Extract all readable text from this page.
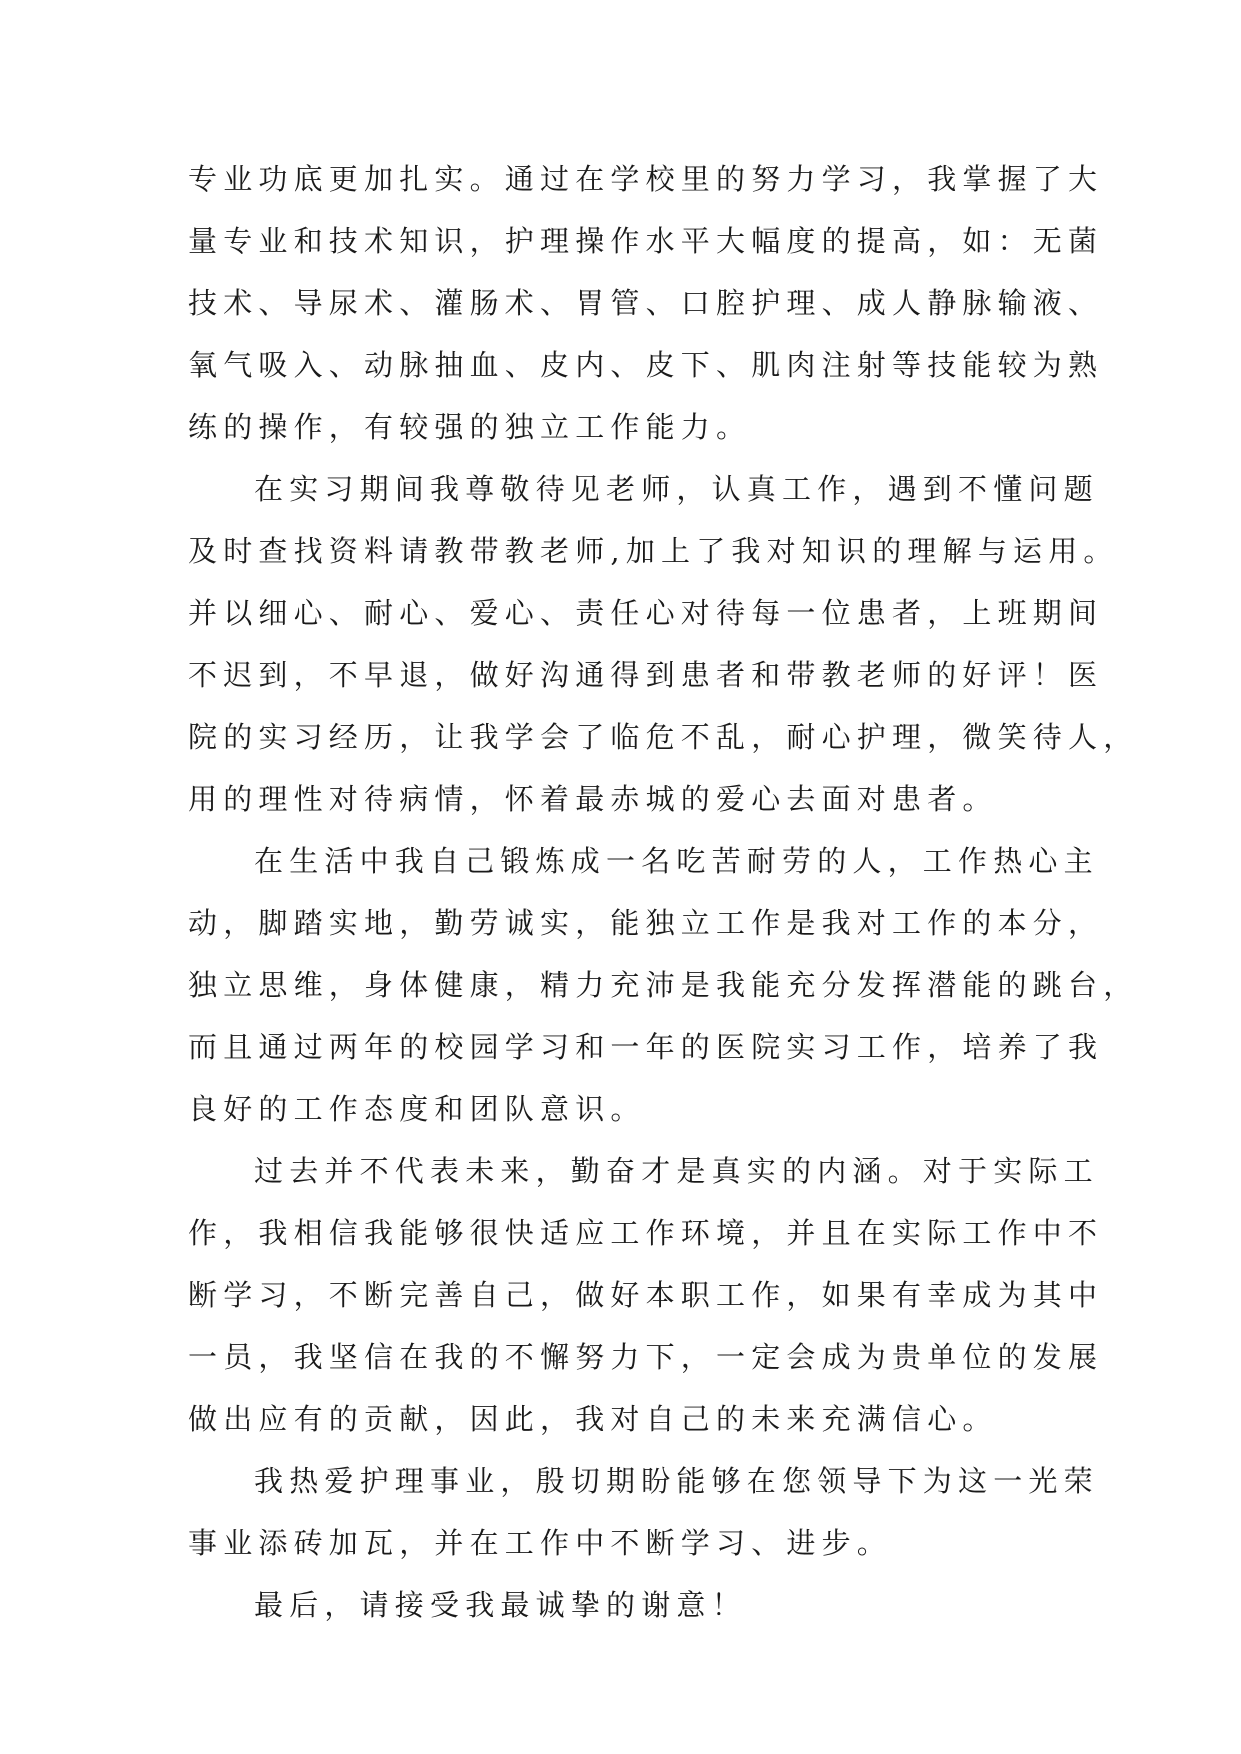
专业功底更加扎实。通过在学校里的努力学习，我掌握了大
量专业和技术知识，护理操作水平大幅度的提高，如：无菌
技术、导尿术、灌肠术、胃管、口腔护理、成人静脉输液、
氧气吸入、动脉抽血、皮内、皮下、肌肉注射等技能较为熟
练的操作，有较强的独立工作能力。
在实习期间我尊敬待见老师，认真工作，遇到不懂问题
及时查找资料请教带教老师,加上了我对知识的理解与运用。
并以细心、耐心、爱心、责任心对待每一位患者，上班期间
不迟到，不早退，做好沟通得到患者和带教老师的好评！医
院的实习经历，让我学会了临危不乱，耐心护理，微笑待人，
用的理性对待病情，怀着最赤城的爱心去面对患者。
在生活中我自己锻炼成一名吃苦耐劳的人，工作热心主
动，脚踏实地，勤劳诚实，能独立工作是我对工作的本分，
独立思维，身体健康，精力充沛是我能充分发挥潜能的跳台，
而且通过两年的校园学习和一年的医院实习工作，培养了我
良好的工作态度和团队意识。
过去并不代表未来，勤奋才是真实的内涵。对于实际工
作，我相信我能够很快适应工作环境，并且在实际工作中不
断学习，不断完善自己，做好本职工作，如果有幸成为其中
一员，我坚信在我的不懈努力下，一定会成为贵单位的发展
做出应有的贡献，因此，我对自己的未来充满信心。
我热爱护理事业，殷切期盼能够在您领导下为这一光荣
事业添砖加瓦，并在工作中不断学习、进步。
最后，请接受我最诚挚的谢意！
